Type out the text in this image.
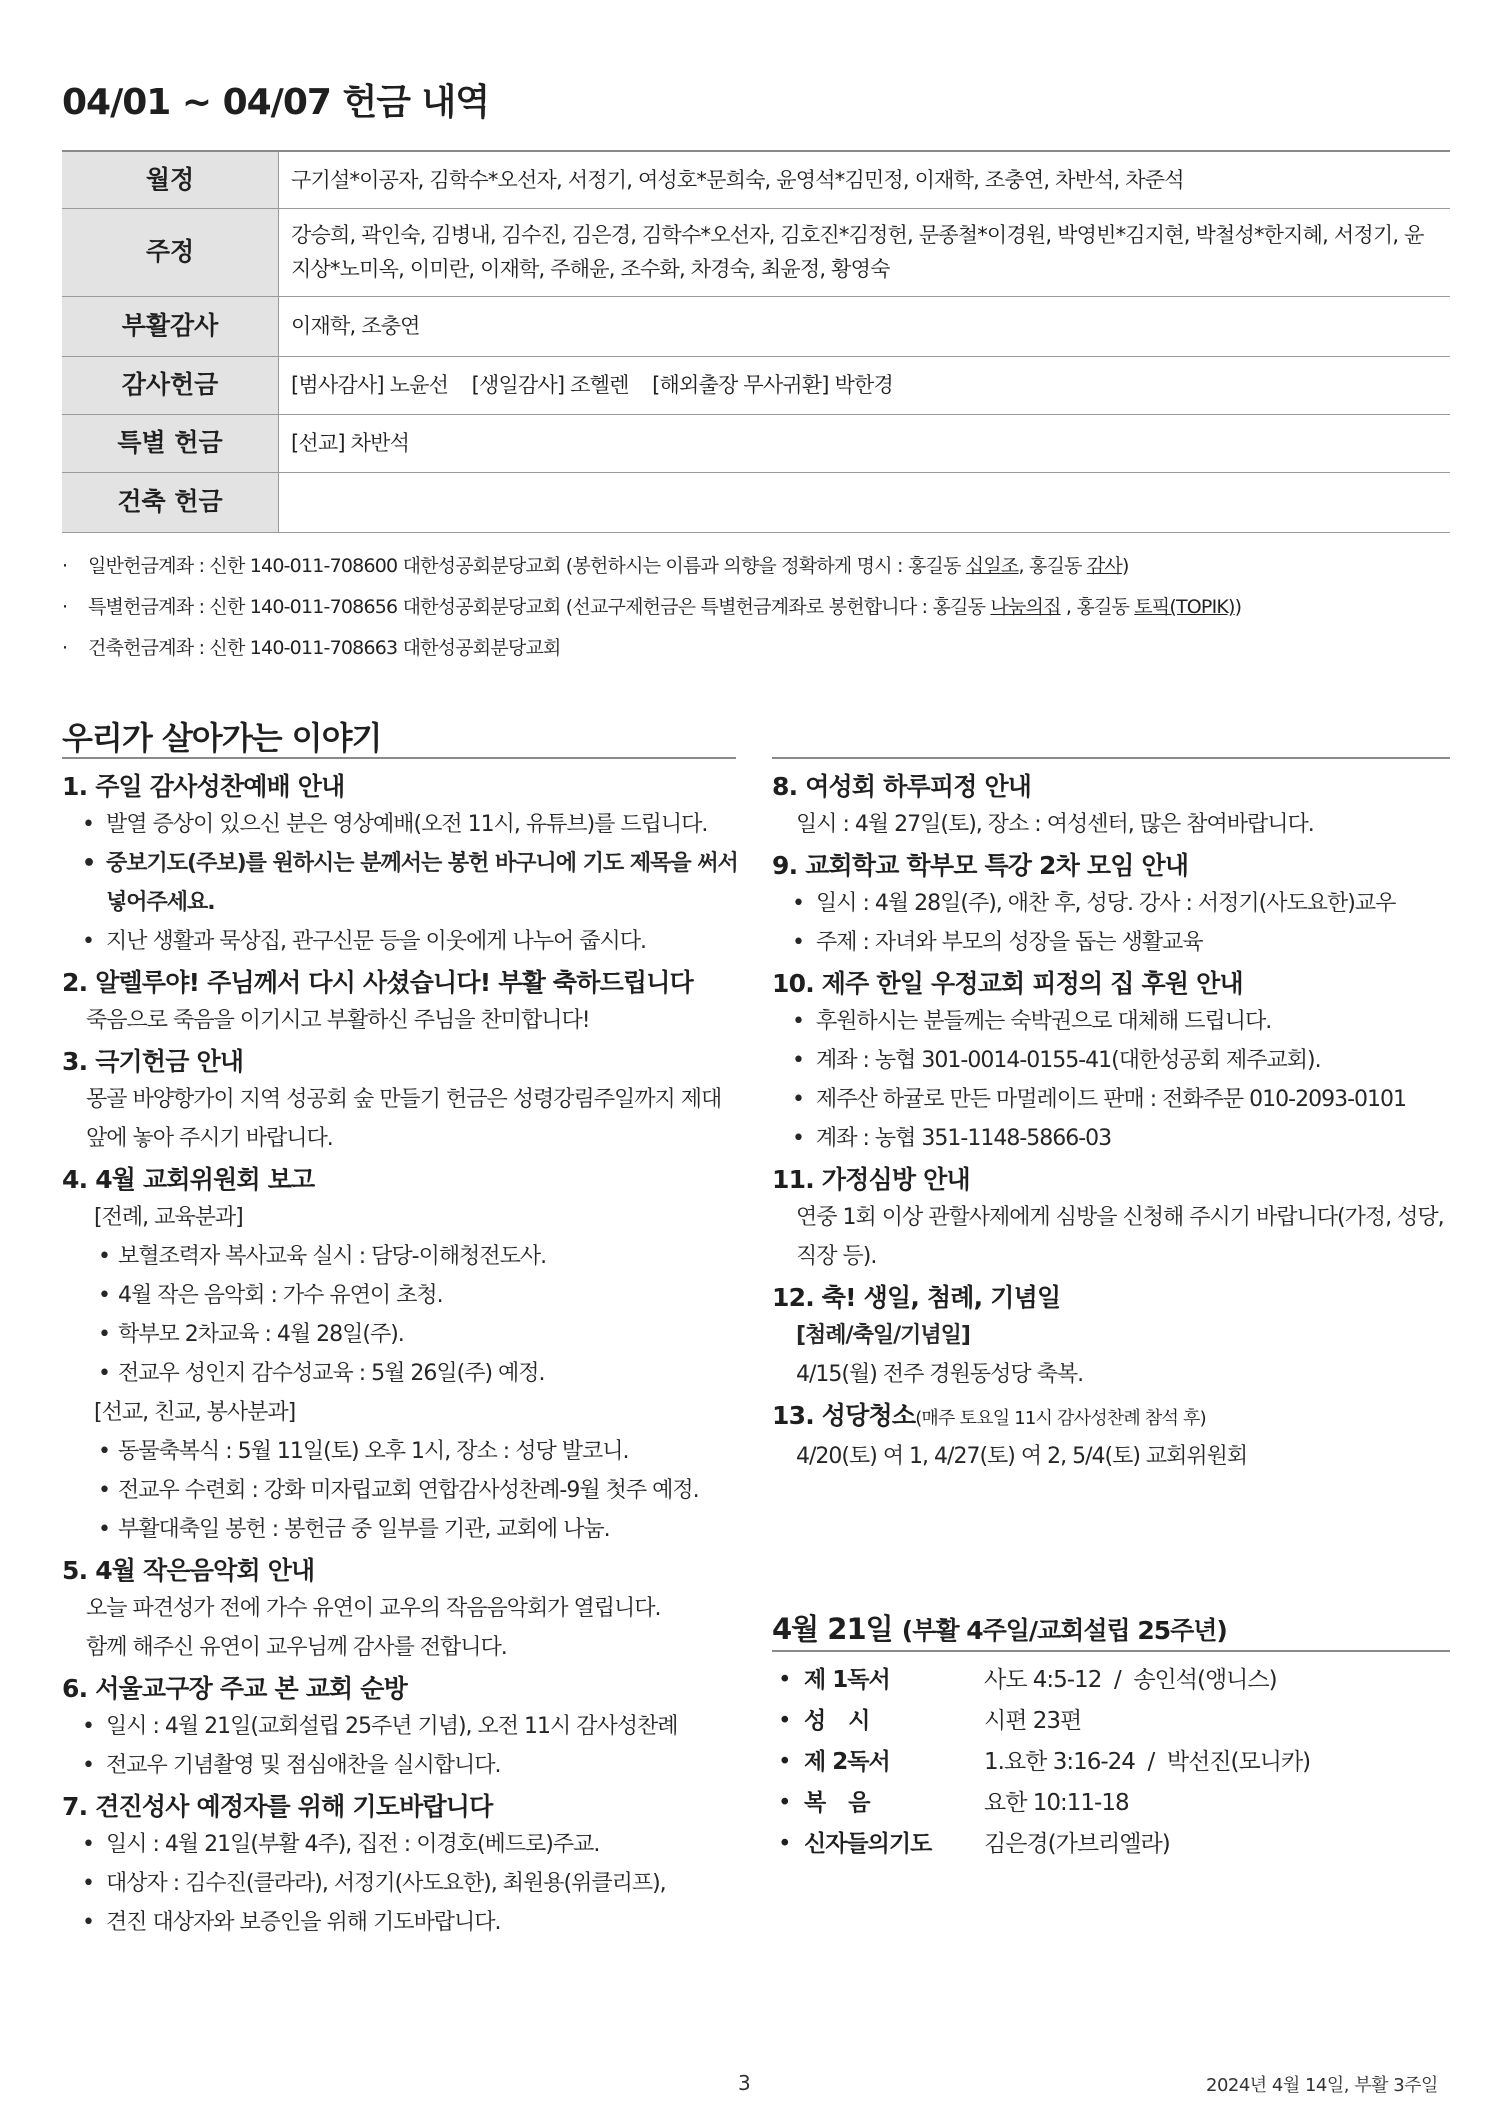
04/01 ~ 04/07 헌금 내역
월정	구기설*이공자, 김학수*오선자, 서정기, 여성호*문희숙, 윤영석*김민정, 이재학, 조충연, 차반석, 차준석
주정	강승희, 곽인숙, 김병내, 김수진, 김은경, 김학수*오선자, 김호진*김정헌, 문종철*이경원, 박영빈*김지현, 박철성*한지혜, 서정기, 윤지상*노미옥, 이미란, 이재학, 주해윤, 조수화, 차경숙, 최윤정, 황영숙
부활감사	이재학, 조충연
감사헌금	[범사감사] 노윤선    [생일감사] 조헬렌    [해외출장 무사귀환] 박한경
특별 헌금	[선교] 차반석
건축 헌금	
· 일반헌금계좌 : 신한 140-011-708600 대한성공회분당교회 (봉헌하시는 이름과 의향을 정확하게 명시 : 홍길동 십일조, 홍길동 감사)
· 특별헌금계좌 : 신한 140-011-708656 대한성공회분당교회 (선교구제헌금은 특별헌금계좌로 봉헌합니다 : 홍길동 나눔의집 , 홍길동 토픽(TOPIK))
· 건축헌금계좌 : 신한 140-011-708663 대한성공회분당교회
우리가 살아가는 이야기
1. 주일 감사성찬예배 안내
• 발열 증상이 있으신 분은 영상예배(오전 11시, 유튜브)를 드립니다.
• 중보기도(주보)를 원하시는 분께서는 봉헌 바구니에 기도 제목을 써서 넣어주세요.
• 지난 생활과 묵상집, 관구신문 등을 이웃에게 나누어 줍시다.
2. 알렐루야! 주님께서 다시 사셨습니다! 부활 축하드립니다
죽음으로 죽음을 이기시고 부활하신 주님을 찬미합니다!
3. 극기헌금 안내
몽골 바양항가이 지역 성공회 숲 만들기 헌금은 성령강림주일까지 제대 앞에 놓아 주시기 바랍니다.
4. 4월 교회위원회 보고
[전례, 교육분과]
• 보혈조력자 복사교육 실시 : 담당-이해청전도사.
• 4월 작은 음악회 : 가수 유연이 초청.
• 학부모 2차교육 : 4월 28일(주).
• 전교우 성인지 감수성교육 : 5월 26일(주) 예정.
[선교, 친교, 봉사분과]
• 동물축복식 : 5월 11일(토) 오후 1시, 장소 : 성당 발코니.
• 전교우 수련회 : 강화 미자립교회 연합감사성찬례-9월 첫주 예정.
• 부활대축일 봉헌 : 봉헌금 중 일부를 기관, 교회에 나눔.
5. 4월 작은음악회 안내
오늘 파견성가 전에 가수 유연이 교우의 작음음악회가 열립니다.
함께 해주신 유연이 교우님께 감사를 전합니다.
6. 서울교구장 주교 본 교회 순방
• 일시 : 4월 21일(교회설립 25주년 기념), 오전 11시 감사성찬례
• 전교우 기념촬영 및 점심애찬을 실시합니다.
7. 견진성사 예정자를 위해 기도바랍니다
• 일시 : 4월 21일(부활 4주), 집전 : 이경호(베드로)주교.
• 대상자 : 김수진(클라라), 서정기(사도요한), 최원용(위클리프),
• 견진 대상자와 보증인을 위해 기도바랍니다.
8. 여성회 하루피정 안내
일시 : 4월 27일(토), 장소 : 여성센터, 많은 참여바랍니다.
9. 교회학교 학부모 특강 2차 모임 안내
• 일시 : 4월 28일(주), 애찬 후, 성당. 강사 : 서정기(사도요한)교우
• 주제 : 자녀와 부모의 성장을 돕는 생활교육
10. 제주 한일 우정교회 피정의 집 후원 안내
• 후원하시는 분들께는 숙박권으로 대체해 드립니다.
• 계좌 : 농협 301-0014-0155-41(대한성공회 제주교회).
• 제주산 하귤로 만든 마멀레이드 판매 : 전화주문 010-2093-0101
• 계좌 : 농협 351-1148-5866-03
11. 가정심방 안내
연중 1회 이상 관할사제에게 심방을 신청해 주시기 바랍니다(가정, 성당, 직장 등).
12. 축! 생일, 첨례, 기념일
[첨례/축일/기념일]
4/15(월) 전주 경원동성당 축복.
13. 성당청소(매주 토요일 11시 감사성찬례 참석 후)
4/20(토) 여 1, 4/27(토) 여 2, 5/4(토) 교회위원회
4월 21일 (부활 4주일/교회설립 25주년)
• 제 1독서	사도 4:5-12  /  송인석(앵니스)
• 성시	시편 23편
• 제 2독서	1.요한 3:16-24  /  박선진(모니카)
• 복음	요한 10:11-18
• 신자들의기도 김은경(가브리엘라)
3	2024년 4월 14일, 부활 3주일
